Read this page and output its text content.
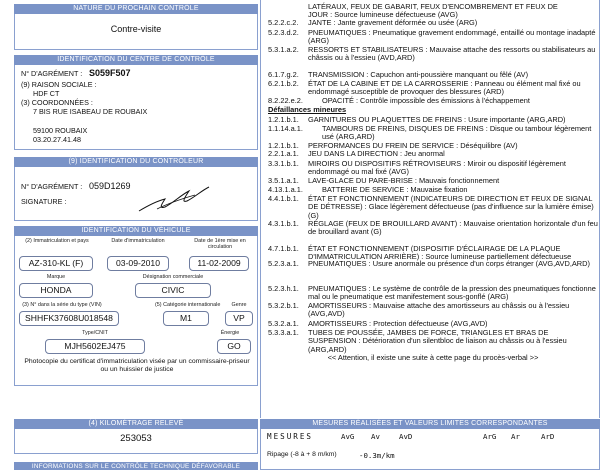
NATURE DU PROCHAIN CONTRÔLE
Contre-visite
IDENTIFICATION DU CENTRE DE CONTRÔLE
N° D'AGRÉMENT : S059F507
(9) RAISON SOCIALE :
HDF CT
(3) COORDONNÉES :
7 BIS RUE ISABEAU DE ROUBAIX
59100 ROUBAIX
03.20.27.41.48
(9) IDENTIFICATION DU CONTRÔLEUR
N° D'AGRÉMENT : 059D1269
SIGNATURE :
IDENTIFICATION DU VÉHICULE
(2) Immatriculation et pays	Date d'immatriculation	Date de 1ère mise en circulation
AZ-310-KL (F)	03-09-2010	11-02-2009
Marque	Désignation commerciale
HONDA	CIVIC
(3) N° dans la série du type (VIN)	(5) Catégorie internationale	Genre
SHHFK37608U018548	M1	VP
Type/CNIT	Énergie
MJH5602EJ475	GO
Photocopie du certificat d'immatriculation visée par un commissaire-priseur ou un huissier de justice
(4) KILOMÉTRAGE RELEVÉ
253053
INFORMATIONS SUR LE CONTRÔLE TECHNIQUE DÉFAVORABLE
LATÉRAUX, FEUX DE GABARIT, FEUX D'ENCOMBREMENT ET FEUX DE
JOUR : Source lumineuse défectueuse (AVG)
5.2.2.c.2.	JANTE : Jante gravement déformée ou usée (ARG)
5.2.3.d.2.	PNEUMATIQUES : Pneumatique gravement endommagé, entaillé ou montage inadapté (ARG)
5.3.1.a.2.	RESSORTS ET STABILISATEURS : Mauvaise attache des ressorts ou stabilisateurs au châssis ou à l'essieu (AVD,ARD)
6.1.7.g.2.	TRANSMISSION : Capuchon anti-poussière manquant ou fêlé (AV)
6.2.1.b.2.	ÉTAT DE LA CABINE ET DE LA CARROSSERIE : Panneau ou élément mal fixé ou endommagé susceptible de provoquer des blessures (ARD)
8.2.22.e.2.	OPACITÉ : Contrôle impossible des émissions à l'échappement
Défaillances mineures
1.2.1.b.1.	GARNITURES OU PLAQUETTES DE FREINS : Usure importante (ARG,ARD)
1.1.14.a.1.	TAMBOURS DE FREINS, DISQUES DE FREINS : Disque ou tambour légèrement usé (ARG,ARD)
1.2.1.b.1.	PERFORMANCES DU FREIN DE SERVICE : Déséquilibre (AV)
2.2.1.a.1.	JEU DANS LA DIRECTION : Jeu anormal
3.3.1.b.1.	MIROIRS OU DISPOSITIFS RÉTROVISEURS : Miroir ou dispositif légèrement endommagé ou mal fixé (AVG)
3.5.1.a.1.	LAVE-GLACE DU PARE-BRISE : Mauvais fonctionnement
4.13.1.a.1.	BATTERIE DE SERVICE : Mauvaise fixation
4.4.1.b.1.	ÉTAT ET FONCTIONNEMENT (INDICATEURS DE DIRECTION ET FEUX DE SIGNAL DE DÉTRESSE) : Glace légèrement défectueuse (pas d'influence sur la lumière émise) (G)
4.3.1.b.1.	RÉGLAGE (FEUX DE BROUILLARD AVANT) : Mauvaise orientation horizontale d'un feu de brouillard avant (G)
4.7.1.b.1.	ÉTAT ET FONCTIONNEMENT (DISPOSITIF D'ÉCLAIRAGE DE LA PLAQUE D'IMMATRICULATION ARRIÈRE) : Source lumineuse partiellement défectueuse
5.2.3.a.1.	PNEUMATIQUES : Usure anormale ou présence d'un corps étranger (AVG,AVD,ARD)
5.2.3.h.1.	PNEUMATIQUES : Le système de contrôle de la pression des pneumatiques fonctionne mal ou le pneumatique est manifestement sous-gonflé (ARG)
5.3.2.b.1.	AMORTISSEURS : Mauvaise attache des amortisseurs au châssis ou à l'essieu (AVG,AVD)
5.3.2.a.1.	AMORTISSEURS : Protection défectueuse (AVG,AVD)
5.3.3.a.1.	TUBES DE POUSSÉE, JAMBES DE FORCE, TRIANGLES ET BRAS DE SUSPENSION : Détérioration d'un silentbloc de liaison au châssis ou à l'essieu (ARG,ARD)
<< Attention, il existe une suite à cette page du procès-verbal >>
MESURES RÉALISÉES ET VALEURS LIMITES CORRESPONDANTES
MESURES	AvG Av	AvD	ArG Ar	ArD
Ripage (-8 à + 8 m/km)	-0.3m/km
